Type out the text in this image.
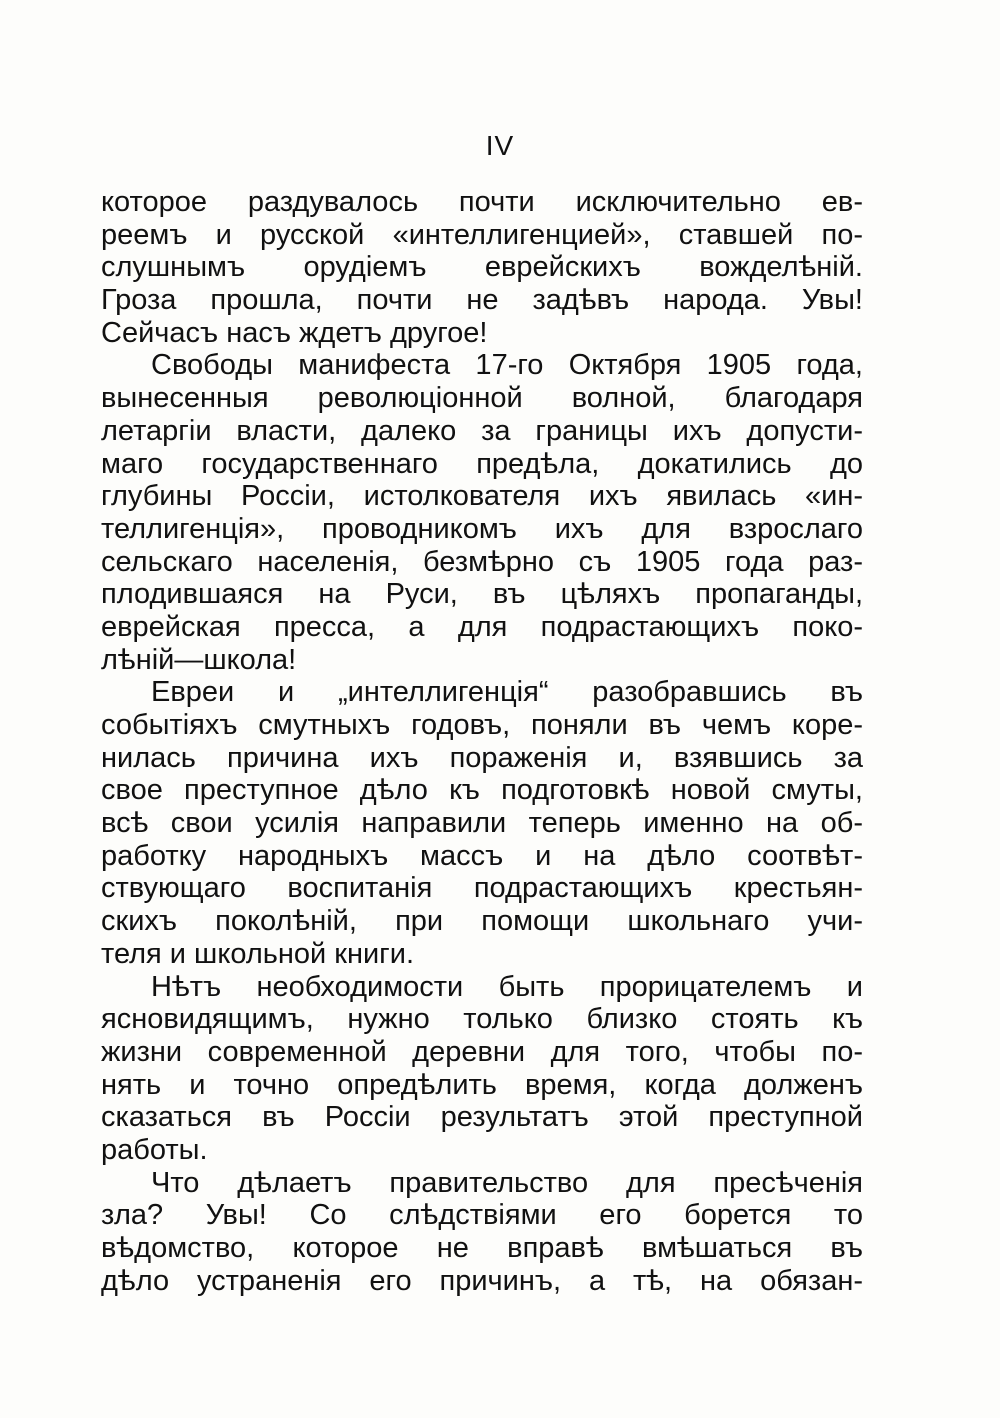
IV
которое раздувалось почти исключительно ев-
реемъ и русской «интеллигенцией», ставшей по-
слушнымъ орудіемъ еврейскихъ вожделѣній.
Гроза прошла, почти не задѣвъ народа. Увы!
Сейчасъ насъ ждетъ другое!
Свободы манифеста 17-го Октября 1905 года,
вынесенныя революціонной волной, благодаря
летаргіи власти, далеко за границы ихъ допусти-
маго государственнаго предѣла, докатились до
глубины Россіи, истолкователя ихъ явилась «ин-
теллигенція», проводникомъ ихъ для взрослаго
сельскаго населенія, безмѣрно съ 1905 года раз-
плодившаяся на Руси, въ цѣляхъ пропаганды,
еврейская пресса, а для подрастающихъ поко-
лѣній—школа!
Евреи и „интеллигенція“ разобравшись въ
событіяхъ смутныхъ годовъ, поняли въ чемъ коре-
нилась причина ихъ пораженія и, взявшись за
свое преступное дѣло къ подготовкѣ новой смуты,
всѣ свои усилія направили теперь именно на об-
работку народныхъ массъ и на дѣло соотвѣт-
ствующаго воспитанія подрастающихъ крестьян-
скихъ поколѣній, при помощи школьнаго учи-
теля и школьной книги.
Нѣтъ необходимости быть прорицателемъ и
ясновидящимъ, нужно только близко стоять къ
жизни современной деревни для того, чтобы по-
нять и точно опредѣлить время, когда долженъ
сказаться въ Россіи результатъ этой преступной
работы.
Что дѣлаетъ правительство для пресѣченія
зла? Увы! Со слѣдствіями его борется то
вѣдомство, которое не вправѣ вмѣшаться въ
дѣло устраненія его причинъ, а тѣ, на обязан-
